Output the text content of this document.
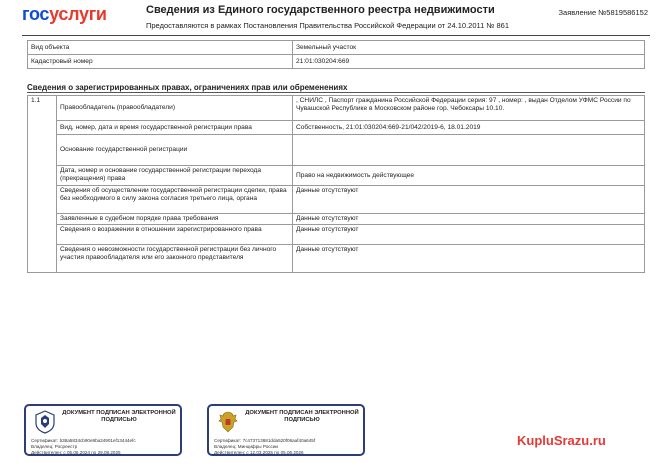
госуслуги	Сведения из Единого государственного реестра недвижимости
Предоставляются в рамках Постановления Правительства Российской Федерации от 24.10.2011 № 861
Заявление №5819586152
Вид объекта	Земельный участок
Кадастровый номер	21:01:030204:669
Сведения о зарегистрированных правах, ограничениях прав или обременениях
1.1	Правообладатель (правообладатели)	, СНИЛС , Паспорт гражданина Российской Федерации серия: 97 , номер: , выдан Отделом УФМС России по Чувашской Республике в Московском районе гор. Чебоксары 10.10.
	Вид, номер, дата и время государственной регистрации права	Собственность, 21:01:030204:669-21/042/2019-6, 18.01.2019
	Основание государственной регистрации	
	Дата, номер и основание государственной регистрации перехода (прекращения) права	Право на недвижимость действующее
	Сведения об осуществлении государственной регистрации сделки, права без необходимого в силу закона согласия третьего лица, органа	Данные отсутствуют
	Заявленные в судебном порядке права требования	Данные отсутствуют
	Сведения о возражении в отношении зарегистрированного права	Данные отсутствуют
	Сведения о невозможности государственной регистрации без личного участия правообладателя или его законного представителя	Данные отсутствуют
ДОКУМЕНТ ПОДПИСАН ЭЛЕКТРОННОЙ ПОДПИСЬЮ
Сертификат: b38a5834cb90e8ba34901ef13444efc
Владелец: Росреестр
Действителен: с 05.06.2024 по 29.08.2025
ДОКУМЕНТ ПОДПИСАН ЭЛЕКТРОННОЙ ПОДПИСЬЮ
Сертификат: 7c473713681dda520f06aaf40a645f
Владелец: Минцифры России
Действителен: с 12.03.2025 по 05.06.2026
KupluSrazu.ru
